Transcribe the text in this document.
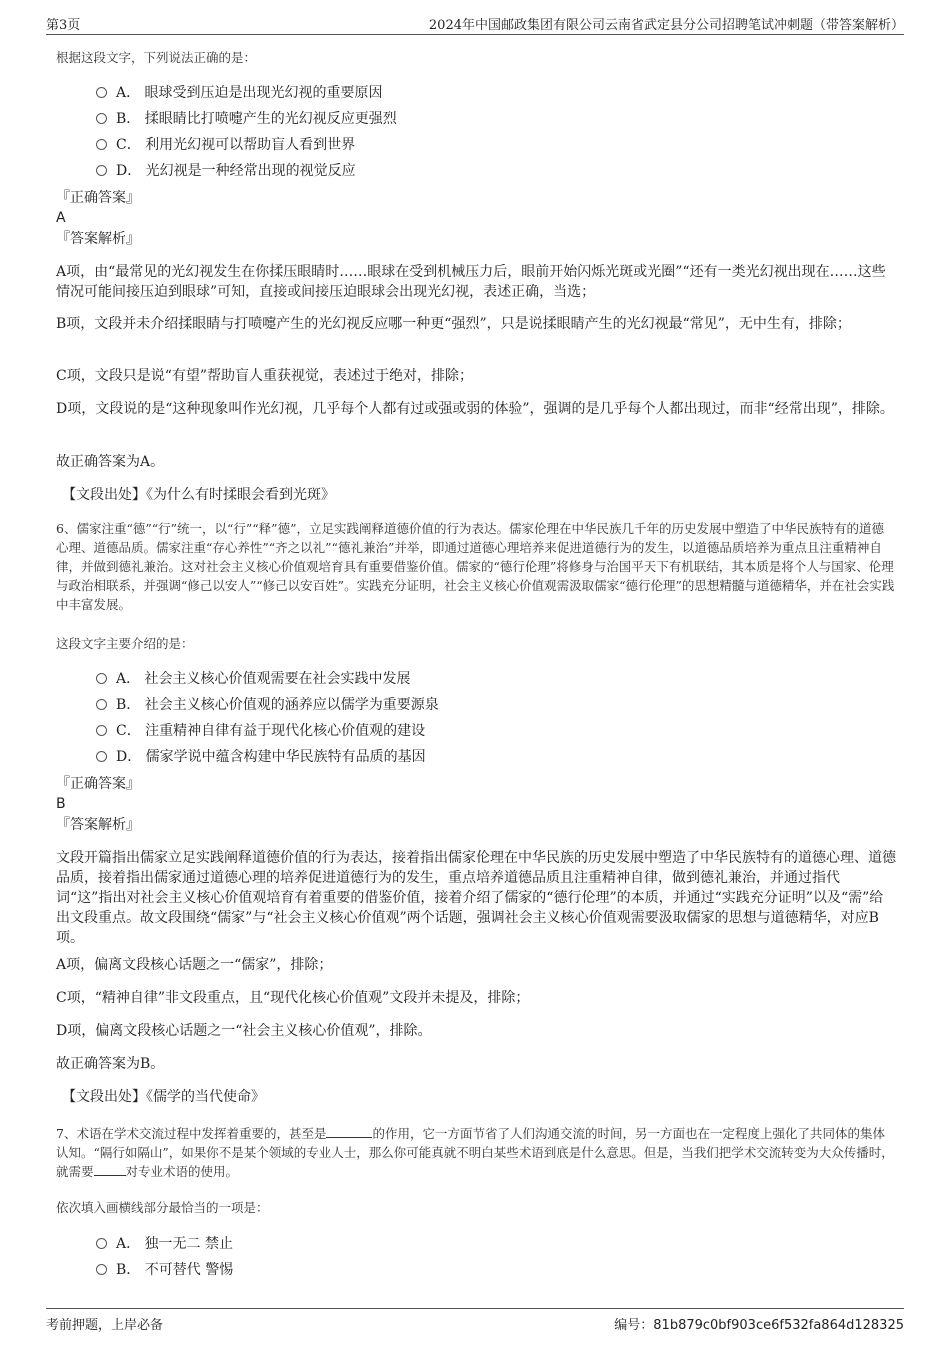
第3页	2024年中国邮政集团有限公司云南省武定县分公司招聘笔试冲刺题（带答案解析）
根据这段文字，下列说法正确的是：
A． 眼球受到压迫是出现光幻视的重要原因
B． 揉眼睛比打喷嚏产生的光幻视反应更强烈
C． 利用光幻视可以帮助盲人看到世界
D． 光幻视是一种经常出现的视觉反应
『正确答案』
A
『答案解析』
A项，由“最常见的光幻视发生在你揉压眼睛时……眼球在受到机械压力后，眼前开始闪烁光斑或光圈”“还有一类光幻视出现在……这些情况可能间接压迫到眼球”可知，直接或间接压迫眼球会出现光幻视，表述正确，当选；
B项，文段并未介绍揉眼睛与打喷嚏产生的光幻视反应哪一种更“强烈”，只是说揉眼睛产生的光幻视最“常见”，无中生有，排除；
C项，文段只是说“有望”帮助盲人重获视觉，表述过于绝对，排除；
D项，文段说的是“这种现象叫作光幻视，几乎每个人都有过或强或弱的体验”，强调的是几乎每个人都出现过，而非“经常出现”，排除。
故正确答案为A。
【文段出处】《为什么有时揉眼会看到光斑》
6、儒家注重“德”“行”统一，以“行”“释”德”，立足实践阐释道德价值的行为表达。儒家伦理在中华民族几千年的历史发展中塑造了中华民族特有的道德心理、道德品质。儒家注重“存心养性”“齐之以礼”“德礼兼治”并举，即通过道德心理培养来促进道德行为的发生，以道德品质培养为重点且注重精神自律，并做到德礼兼治。这对社会主义核心价值观培育具有重要借鉴价值。儒家的“德行伦理”将修身与治国平天下有机联结，其本质是将个人与国家、伦理与政治相联系，并强调“修己以安人”“修己以安百姓”。实践充分证明，社会主义核心价值观需汲取儒家“德行伦理”的思想精髓与道德精华，并在社会实践中丰富发展。
这段文字主要介绍的是：
A． 社会主义核心价值观需要在社会实践中发展
B． 社会主义核心价值观的涵养应以儒学为重要源泉
C． 注重精神自律有益于现代化核心价值观的建设
D． 儒家学说中蕴含构建中华民族特有品质的基因
『正确答案』
B
『答案解析』
文段开篇指出儒家立足实践阐释道德价值的行为表达，接着指出儒家伦理在中华民族的历史发展中塑造了中华民族特有的道德心理、道德品质，接着指出儒家通过道德心理的培养促进道德行为的发生，重点培养道德品质且注重精神自律，做到德礼兼治，并通过指代词“这”指出对社会主义核心价值观培育有着重要的借鉴价值，接着介绍了儒家的“德行伦理”的本质，并通过“实践充分证明”以及“需”给出文段重点。故文段围绕“儒家”与“社会主义核心价值观”两个话题，强调社会主义核心价值观需要汲取儒家的思想与道德精华，对应B项。
A项，偏离文段核心话题之一“儒家”，排除；
C项，“精神自律”非文段重点，且“现代化核心价值观”文段并未提及，排除；
D项，偏离文段核心话题之一“社会主义核心价值观”，排除。
故正确答案为B。
【文段出处】《儒学的当代使命》
7、术语在学术交流过程中发挥着重要的，甚至是	的作用，它一方面节省了人们沟通交流的时间，另一方面也在一定程度上强化了共同体的集体认知。“隔行如隔山”，如果你不是某个领域的专业人士，那么你可能真就不明白某些术语到底是什么意思。但是，当我们把学术交流转变为大众传播时，就需要	对专业术语的使用。
依次填入画横线部分最恰当的一项是：
A． 独一无二 禁止
B． 不可替代 警惕
考前押题，上岸必备	编号：81b879c0bf903ce6f532fa864d128325
